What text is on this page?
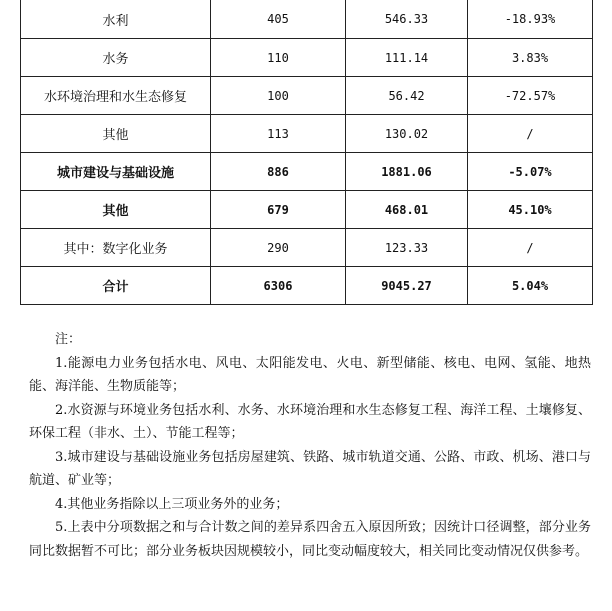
水利	405	546.33	-18.93%
水务	110	111.14	3.83%
水环境治理和水生态修复	100	56.42	-72.57%
其他	113	130.02	/
城市建设与基础设施	886	1881.06	-5.07%
其他	679	468.01	45.10%
其中：数字化业务	290	123.33	/
合计	6306	9045.27	5.04%
注：

1.能源电力业务包括水电、风电、太阳能发电、火电、新型储能、核电、电网、氢能、地热能、海洋能、生物质能等；

2.水资源与环境业务包括水利、水务、水环境治理和水生态修复工程、海洋工程、土壤修复、环保工程（非水、土）、节能工程等；

3.城市建设与基础设施业务包括房屋建筑、铁路、城市轨道交通、公路、市政、机场、港口与航道、矿业等；

4.其他业务指除以上三项业务外的业务；

5.上表中分项数据之和与合计数之间的差异系四舍五入原因所致；因统计口径调整，部分业务同比数据暂不可比；部分业务板块因规模较小，同比变动幅度较大，相关同比变动情况仅供参考。
